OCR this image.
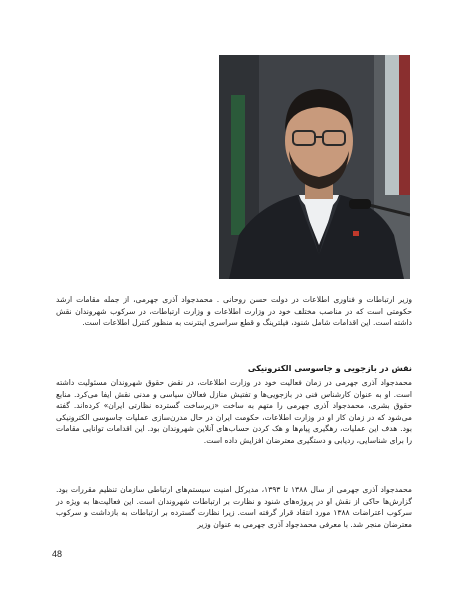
وزیر ارتباطات و فناوری اطلاعات در دولت حسن روحانی . محمدجواد آذری جهرمی، از جمله مقامات ارشد حکومتی است که در مناصب مختلف خود در وزارت اطلاعات و وزارت ارتباطات، در سرکوب شهروندان نقش داشته است. این اقدامات شامل شنود، فیلترینگ و قطع سراسری اینترنت به منظور کنترل اطلاعات است.

نقش در بازجویی و جاسوسی الکترونیکی

محمدجواد آذری جهرمی در زمان فعالیت خود در وزارت اطلاعات، در نقض حقوق شهروندان مسئولیت داشته است. او به عنوان کارشناس فنی در بازجویی‌ها و تفتیش منازل فعالان سیاسی و مدنی نقش ایفا می‌کرد. منابع حقوق بشری، محمدجواد آذری جهرمی را متهم به ساخت «زیرساخت گسترده نظارتی ایران» کرده‌اند. گفته می‌شود که در زمان کار او در وزارت اطلاعات، حکومت ایران در حال مدرن‌سازی عملیات جاسوسی الکترونیکی بود. هدف این عملیات، رهگیری پیام‌ها و هک کردن حساب‌های آنلاین شهروندان بود. این اقدامات توانایی مقامات را برای شناسایی، ردیابی و دستگیری معترضان افزایش داده است.

محمدجواد آذری جهرمی از سال ۱۳۸۸ تا ۱۳۹۳، مدیرکل امنیت سیستم‌های ارتباطی سازمان تنظیم مقررات بود. گزارش‌ها حاکی از نقش او در پروژه‌های شنود و نظارت بر ارتباطات شهروندان است. این فعالیت‌ها به ویژه در سرکوب اعتراضات ۱۳۸۸ مورد انتقاد قرار گرفته است. زیرا نظارت گسترده بر ارتباطات به بازداشت و سرکوب معترضان منجر شد. با معرفی محمدجواد آذری جهرمی به عنوان وزیر

48
